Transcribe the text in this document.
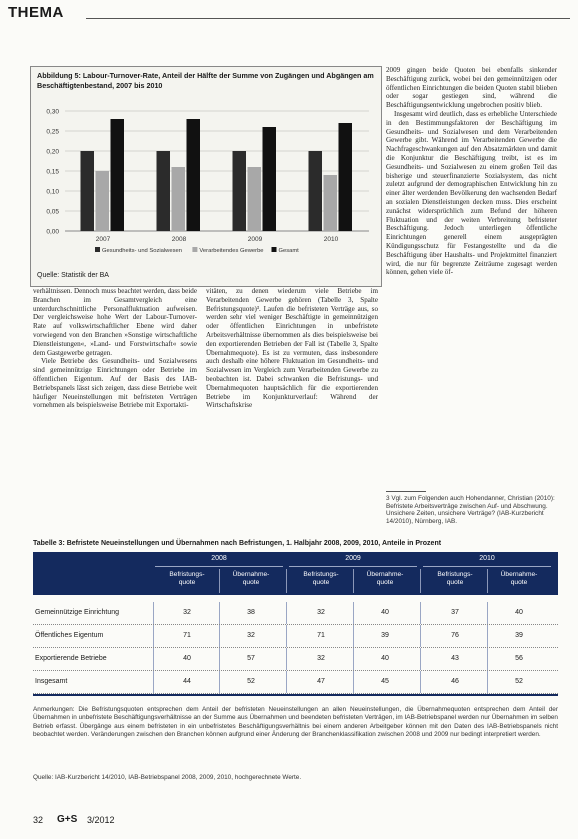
THEMA
Abbildung 5: Labour-Turnover-Rate, Anteil der Hälfte der Summe von Zugängen und Abgängen am Beschäftigtenbestand, 2007 bis 2010
0,00
0,05
0,10
0,15
0,20
0,25
0,30
2007	2008	2009	2010
Gesundheits- und Sozialwesen	Verarbeitendes Gewerbe	Gesamt
Quelle: Statistik der BA

verhältnissen. Dennoch muss beachtet werden, dass beide Branchen im Gesamtvergleich eine unterdurchschnittliche Personalfluktuation aufweisen. Der vergleichsweise hohe Wert der Labour-Turnover-Rate auf volkswirtschaftlicher Ebene wird daher vorwiegend von den Branchen »Sonstige wirtschaftliche Dienstleistungen«, »Land- und Forstwirtschaft« sowie dem Gastgewerbe getragen.

Viele Betriebe des Gesundheits- und Sozialwesens sind gemeinnützige Einrichtungen oder Betriebe im öffentlichen Eigentum. Auf der Basis des IAB-Betriebspanels lässt sich zeigen, dass diese Betriebe weit häufiger Neueinstellungen mit befristeten Verträgen vornehmen als beispielsweise Betriebe mit Exportakti-

vitäten, zu denen wiederum viele Betriebe im Verarbeitenden Gewerbe gehören (Tabelle 3, Spalte Befristungsquote)³. Laufen die befristeten Verträge aus, so werden sehr viel weniger Beschäftigte in gemeinnützigen oder öffentlichen Einrichtungen in unbefristete Arbeitsverhältnisse übernommen als dies beispielsweise bei den exportierenden Betrieben der Fall ist (Tabelle 3, Spalte Übernahmequote). Es ist zu vermuten, dass insbesondere auch deshalb eine höhere Fluktuation im Gesundheits- und Sozialwesen im Vergleich zum Verarbeitenden Gewerbe zu beobachten ist. Dabei schwanken die Befristungs- und Übernahmequoten hauptsächlich für die exportierenden Betriebe im Konjunkturverlauf: Während der Wirtschaftskrise

2009 gingen beide Quoten bei ebenfalls sinkender Beschäftigung zurück, wobei bei den gemeinnützigen oder öffentlichen Einrichtungen die beiden Quoten stabil blieben oder sogar gestiegen sind, während die Beschäftigungsentwicklung ungebrochen positiv blieb.

Insgesamt wird deutlich, dass es erhebliche Unterschiede in den Bestimmungsfaktoren der Beschäftigung im Gesundheits- und Sozialwesen und dem Verarbeitenden Gewerbe gibt. Während im Verarbeitenden Gewerbe die Nachfrageschwankungen auf den Absatzmärkten und damit die Konjunktur die Beschäftigung treibt, ist es im Gesundheits- und Sozialwesen zu einem großen Teil das bisherige und steuerfinanzierte Sozialsystem, das nicht zuletzt aufgrund der demographischen Entwicklung hin zu einer älter werdenden Bevölkerung den wachsenden Bedarf an sozialen Dienstleistungen decken muss. Dies erscheint zunächst widersprüchlich zum Befund der höheren Fluktuation und der weiten Verbreitung befristeter Beschäftigung. Jedoch unterliegen öffentliche Einrichtungen generell einem ausgeprägten Kündigungsschutz für Festangestellte und da die Beschäftigung über Haushalts- und Projektmittel finanziert wird, die nur für begrenzte Zeiträume zugesagt werden können, gehen viele öf-

3 Vgl. zum Folgenden auch Hohendanner, Christian (2010): Befristete Arbeitsverträge zwischen Auf- und Abschwung. Unsichere Zeiten, unsichere Verträge? (IAB-Kurzbericht 14/2010), Nürnberg, IAB.
Tabelle 3: Befristete Neueinstellungen und Übernahmen nach Befristungen, 1. Halbjahr 2008, 2009, 2010, Anteile in Prozent
2008	2009	2010
Befristungs-
quote
Übernahme-
quote
Befristungs-
quote
Übernahme-
quote
Befristungs-
quote
Übernahme-
quote
Gemeinnützige Einrichtung	32	38	32	40	37	40
Öffentliches Eigentum	71	32	71	39	76	39
Exportierende Betriebe	40	57	32	40	43	56
Insgesamt	44	52	47	45	46	52
Anmerkungen: Die Befristungsquoten entsprechen dem Anteil der befristeten Neueinstellungen an allen Neueinstellungen, die Übernahmequoten entsprechen dem Anteil der Übernahmen in unbefristete Beschäftigungsverhältnisse an der Summe aus Übernahmen und beendeten befristeten Verträgen, im IAB-Betriebspanel werden nur Übernahmen im selben Betrieb erfasst. Übergänge aus einem befristeten in ein unbefristetes Beschäftigungsverhältnis bei einem anderen Arbeitgeber können mit den Daten des IAB-Betriebspanels nicht beobachtet werden. Veränderungen zwischen den Branchen können aufgrund einer Änderung der Branchenklassifikation zwischen 2008 und 2009 nur bedingt interpretiert werden.
Quelle: IAB-Kurzbericht 14/2010, IAB-Betriebspanel 2008, 2009, 2010, hochgerechnete Werte.
32 G+S 3/2012
